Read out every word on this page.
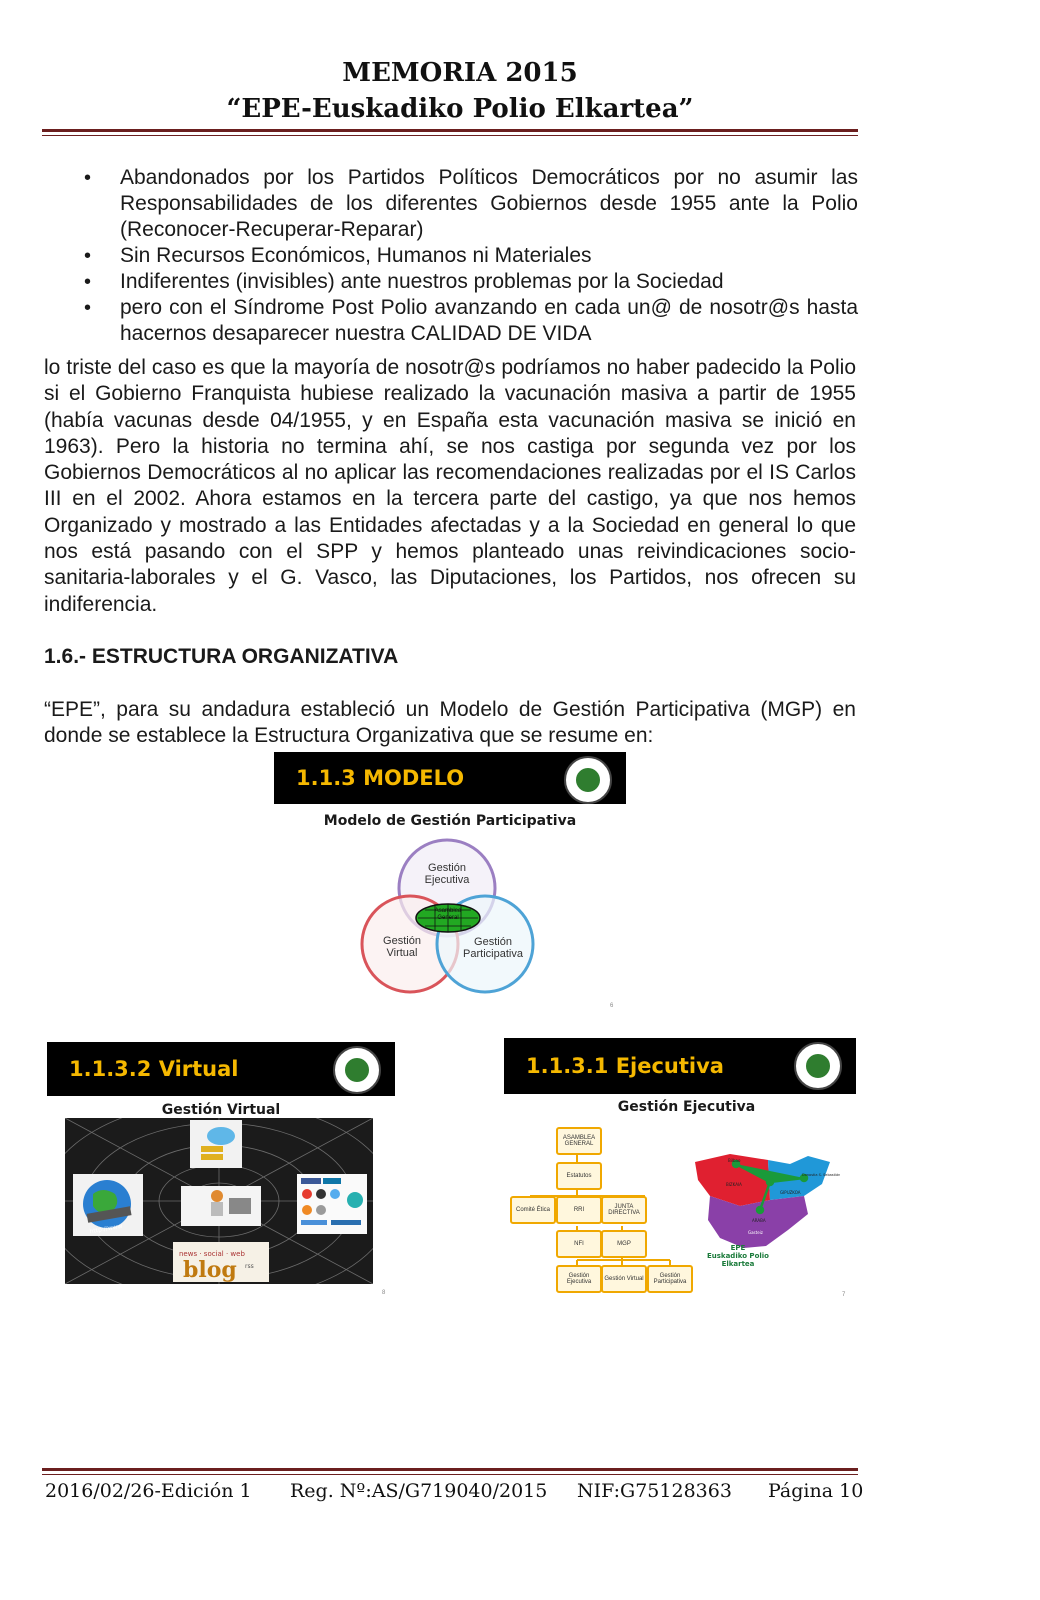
MEMORIA 2015
“EPE-Euskadiko Polio Elkartea”
• Abandonados por los Partidos Políticos Democráticos por no asumir las Responsabilidades de los diferentes Gobiernos desde 1955 ante la Polio (Reconocer-Recuperar-Reparar)
• Sin Recursos Económicos, Humanos ni Materiales
• Indiferentes (invisibles) ante nuestros problemas por la Sociedad
• pero con el Síndrome Post Polio avanzando en cada un@ de nosotr@s hasta hacernos desaparecer nuestra CALIDAD DE VIDA

lo triste del caso es que la mayoría de nosotr@s podríamos no haber padecido la Polio si el Gobierno Franquista hubiese realizado la vacunación masiva a partir de 1955 (había vacunas desde 04/1955, y en España esta vacunación masiva se inició en 1963). Pero la historia no termina ahí, se nos castiga por segunda vez por los Gobiernos Democráticos al no aplicar las recomendaciones realizadas por el IS Carlos III en el 2002. Ahora estamos en la tercera parte del castigo, ya que nos hemos Organizado y mostrado a las Entidades afectadas y a la Sociedad en general lo que nos está pasando con el SPP y hemos planteado unas reivindicaciones socio-sanitaria-laborales y el G. Vasco, las Diputaciones, los Partidos, nos ofrecen su indiferencia.

1.6.- ESTRUCTURA ORGANIZATIVA

“EPE”, para su andadura estableció un Modelo de Gestión Participativa (MGP) en donde se establece la Estructura Organizativa que se resume en:

1.1.3 MODELO
Modelo de Gestión Participativa
Gestión Ejecutiva
Gestión Virtual
Gestión Participativa
Asamblea General
6
1.1.3.2 Virtual
Gestión Virtual
news · social · web
blog rss
http://www
8
1.1.3.1 Ejecutiva
Gestión Ejecutiva
ASAMBLEA GENERAL
Estatutos
Comité Ética	RRI	JUNTA DIRECTIVA
NFI	MGP
Gestión Ejecutiva	Gestión Virtual	Gestión Participativa
BIZKAIA
GIPUZKOA
ARABA
Donostia S. Sebastián
Bilbao
Gasteiz
EPE
Euskadiko Polio Elkartea
7
2016/02/26-Edición 1 Reg. Nº:AS/G719040/2015 NIF:G75128363 Página 10
